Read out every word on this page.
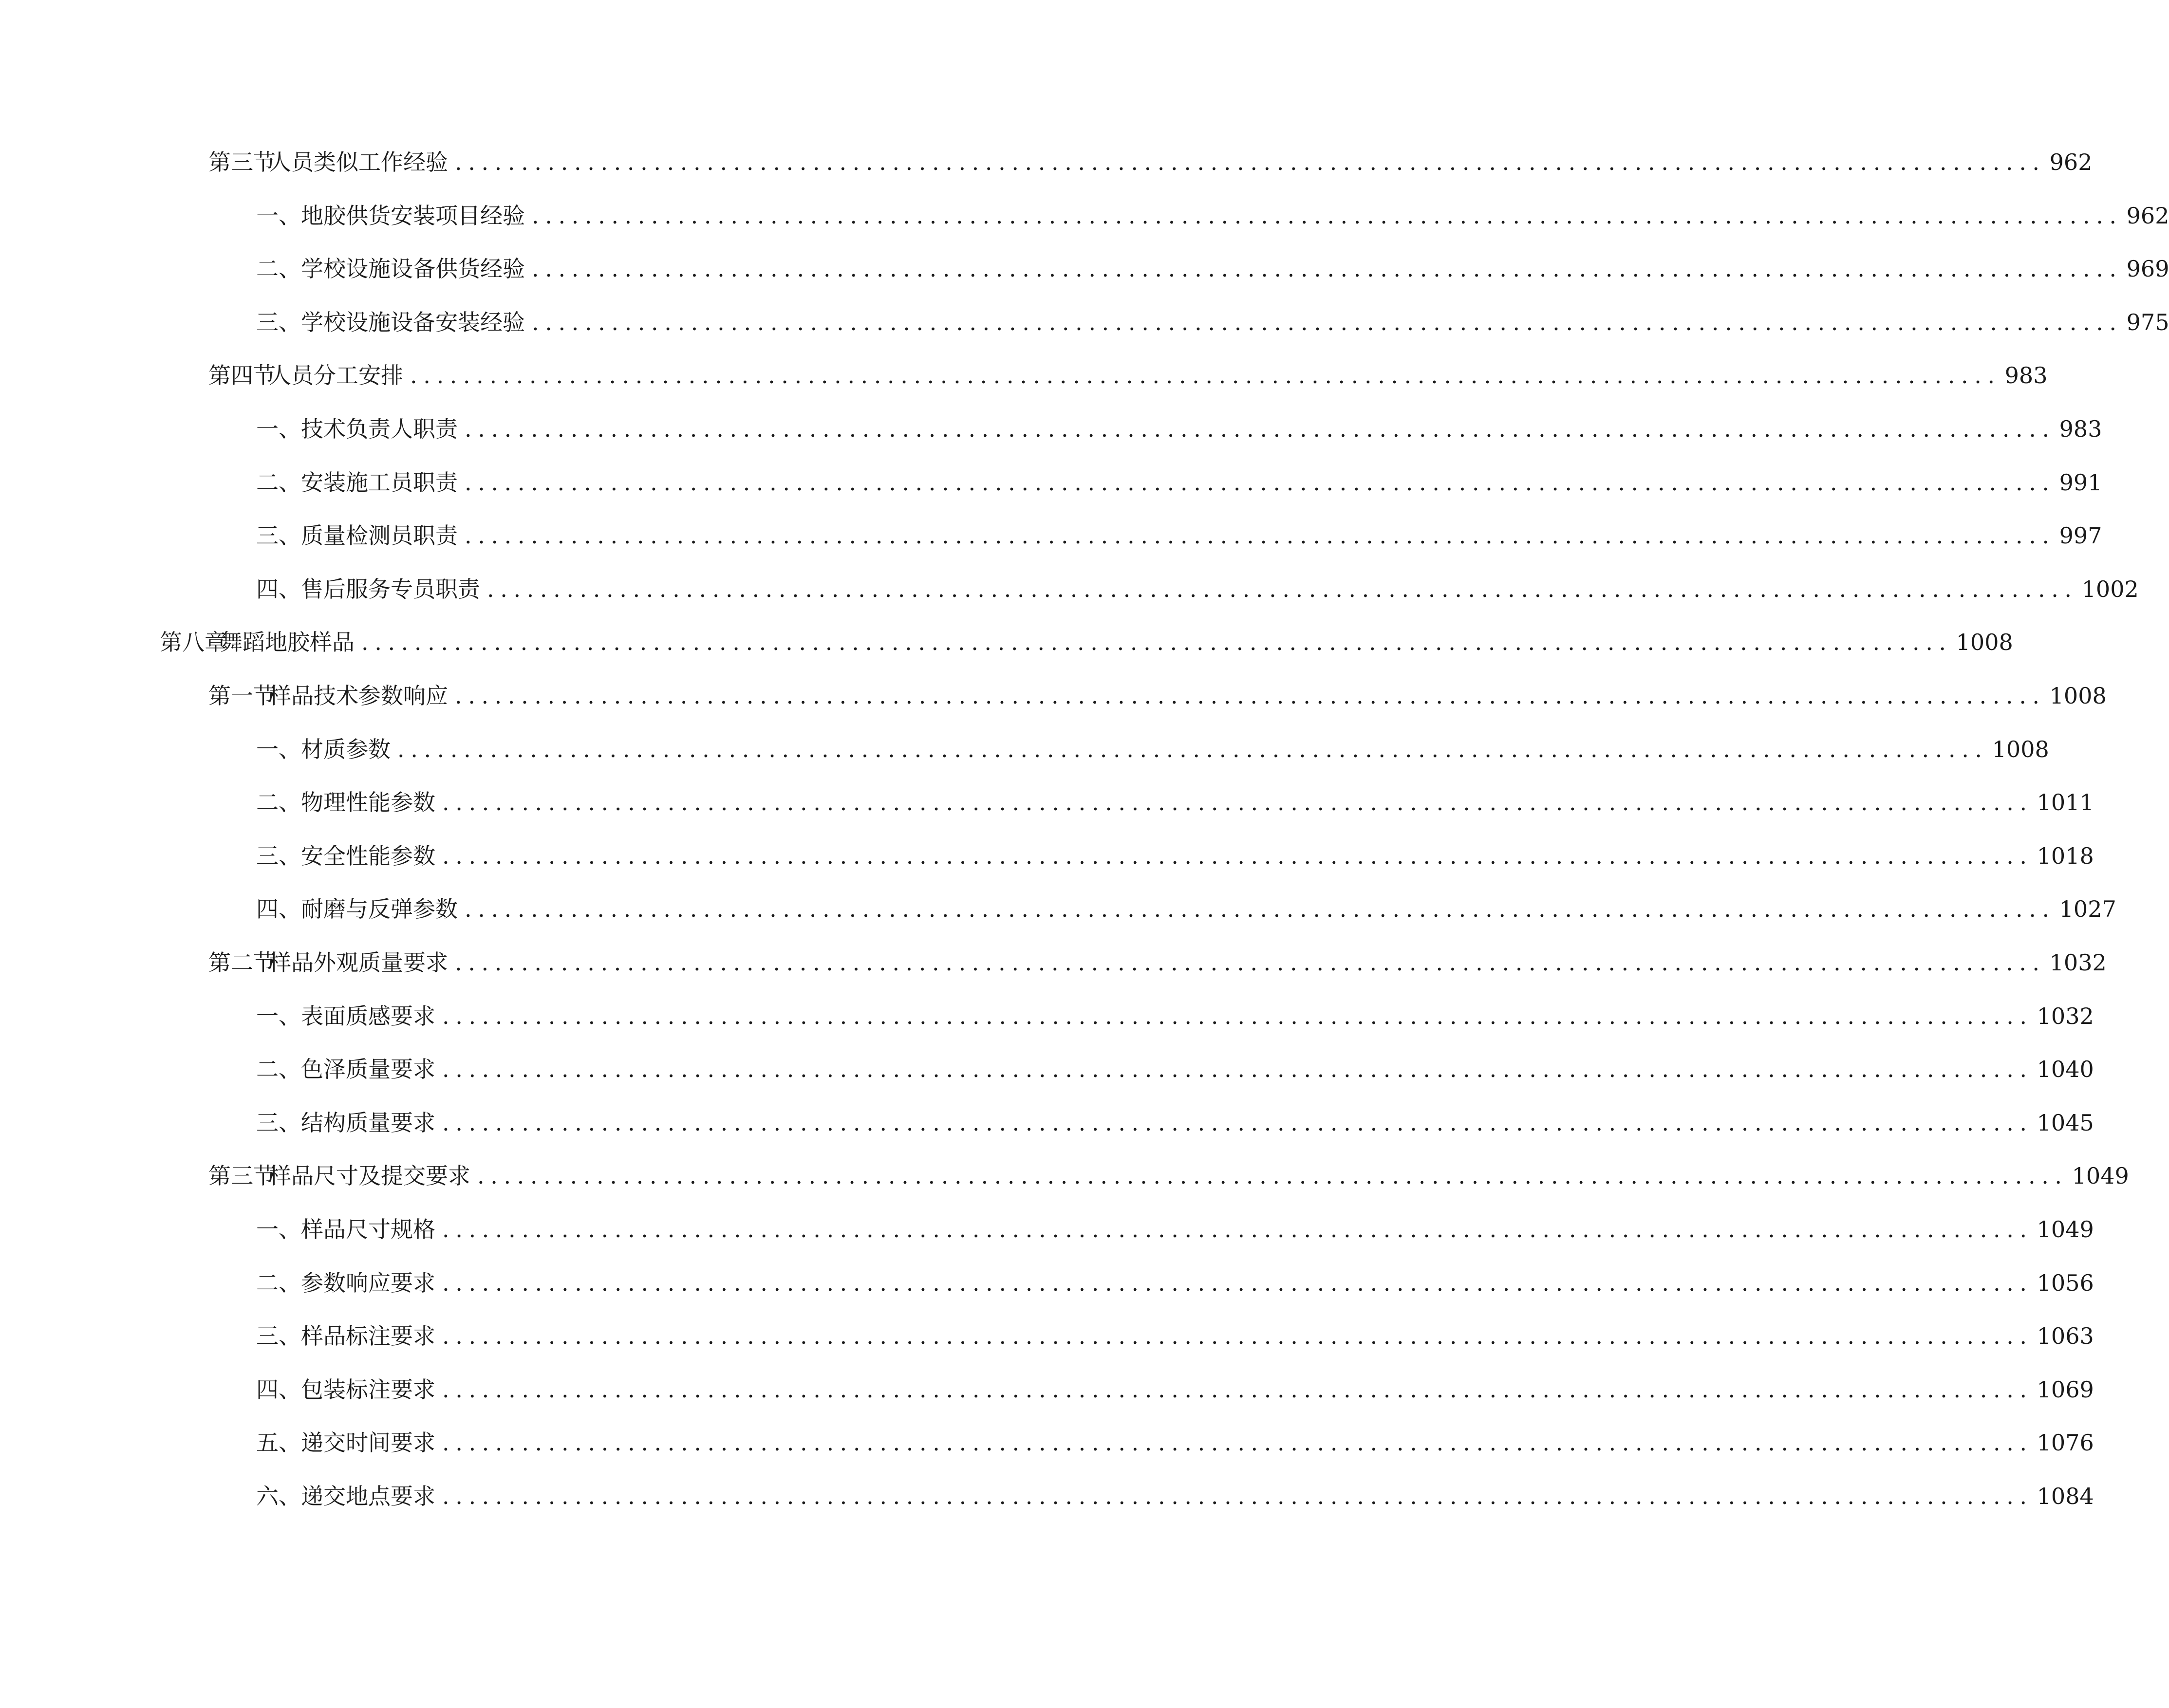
第三节
人员类似工作经验 ........................................................................................................................ 962
一、 地胶供货安装项目经验 ........................................................................................................................ 962
二、 学校设施设备供货经验 ........................................................................................................................ 969
三、 学校设施设备安装经验 ........................................................................................................................ 975
第四节
人员分工安排 ........................................................................................................................ 983
一、 技术负责人职责 ........................................................................................................................ 983
二、 安装施工员职责 ........................................................................................................................ 991
三、 质量检测员职责 ........................................................................................................................ 997
四、 售后服务专员职责 ........................................................................................................................ 1002
第八章
舞蹈地胶样品 ........................................................................................................................ 1008
第一节
样品技术参数响应 ........................................................................................................................ 1008
一、 材质参数 ........................................................................................................................ 1008
二、 物理性能参数 ........................................................................................................................ 1011
三、 安全性能参数 ........................................................................................................................ 1018
四、 耐磨与反弹参数 ........................................................................................................................ 1027
第二节
样品外观质量要求 ........................................................................................................................ 1032
一、 表面质感要求 ........................................................................................................................ 1032
二、 色泽质量要求 ........................................................................................................................ 1040
三、 结构质量要求 ........................................................................................................................ 1045
第三节
样品尺寸及提交要求 ........................................................................................................................ 1049
一、 样品尺寸规格 ........................................................................................................................ 1049
二、 参数响应要求 ........................................................................................................................ 1056
三、 样品标注要求 ........................................................................................................................ 1063
四、 包装标注要求 ........................................................................................................................ 1069
五、 递交时间要求 ........................................................................................................................ 1076
六、 递交地点要求 ........................................................................................................................ 1084
